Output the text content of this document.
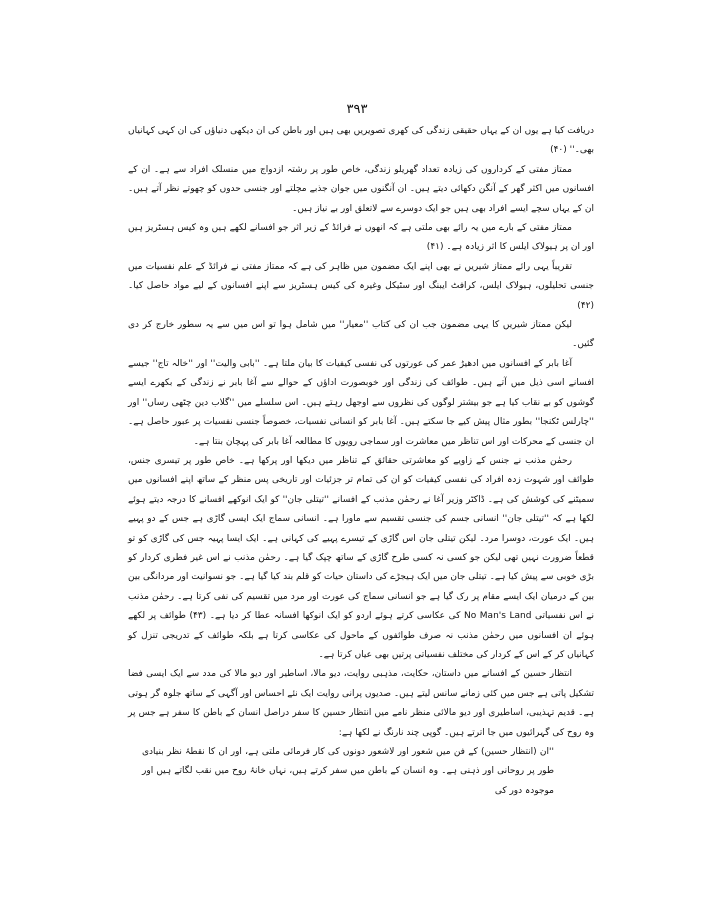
۳۹۳

دریافت کیا ہے یوں ان کے یہاں حقیقی زندگی کی کھری تصویریں بھی ہیں اور باطن کی ان دیکھی دنیاؤں کی ان کہی کہانیاں بھی۔'' (۴۰)

ممتاز مفتی کے کرداروں کی زیادہ تعداد گھریلو زندگی، خاص طور پر رشتہ ازدواج میں منسلک افراد سے ہے۔ ان کے افسانوں میں اکثر گھر کے آنگن دکھائی دیتے ہیں۔ ان آنگنوں میں جوان جذبے مچلتے اور جنسی حدوں کو چھوتے نظر آتے ہیں۔ ان کے یہاں سچے ایسے افراد بھی ہیں جو ایک دوسرے سے لاتعلق اور بے نیاز ہیں۔

ممتاز مفتی کے بارے میں یہ رائے بھی ملتی ہے کہ انھوں نے فرائڈ کے زیر اثر جو افسانے لکھے ہیں وہ کیس ہسٹریز ہیں اور ان پر ہیولاک ایلس کا اثر زیادہ ہے۔ (۴۱)

تقریباً یہی رائے ممتاز شیریں نے بھی اپنے ایک مضمون میں ظاہر کی ہے کہ ممتاز مفتی نے فرائڈ کے علم نفسیات میں جنسی تحلیلوں، ہیولاک ایلس، کرافٹ ایبنگ اور سٹیکل وغیرہ کی کیس ہسٹریز سے اپنے افسانوں کے لیے مواد حاصل کیا۔ (۴۲)

لیکن ممتاز شیریں کا یہی مضمون جب ان کی کتاب ''معیار'' میں شامل ہوا تو اس میں سے یہ سطور خارج کر دی گئیں۔

آغا بابر کے افسانوں میں ادھیڑ عمر کی عورتوں کی نفسی کیفیات کا بیان ملتا ہے۔ ''بابی والیت'' اور ''خالہ تاج'' جیسے افسانے اسی ذیل میں آتے ہیں۔ طوائف کی زندگی اور خوبصورت اداؤں کے حوالے سے آغا بابر نے زندگی کے بکھرے ایسے گوشوں کو بے نقاب کیا ہے جو بیشتر لوگوں کی نظروں سے اوجھل رہتے ہیں۔ اس سلسلے میں ''گلاب دین چٹھی رساں'' اور ''چارلس ٹکنجا'' بطور مثال پیش کیے جا سکتے ہیں۔ آغا بابر کو انسانی نفسیات، خصوصاً جنسی نفسیات پر عبور حاصل ہے۔ ان جنسی کے محرکات اور اس تناظر میں معاشرت اور سماجی رویوں کا مطالعہ آغا بابر کی پہچان بنتا ہے۔

رحمٰن مذنب نے جنس کے زاویے کو معاشرتی حقائق کے تناظر میں دیکھا اور پرکھا ہے۔ خاص طور پر تیسری جنس، طوائف اور شہوت زدہ افراد کی نفسی کیفیات کو ان کی تمام تر جزئیات اور تاریخی پس منظر کے ساتھ اپنے افسانوں میں سمیٹنے کی کوشش کی ہے۔ ڈاکٹر وزیر آغا نے رحمٰن مذنب کے افسانے ''تیتلی جان'' کو ایک انوکھے افسانے کا درجہ دیتے ہوئے لکھا ہے کہ ''تیتلی جان'' انسانی جسم کی جنسی تقسیم سے ماورا ہے۔ انسانی سماج ایک ایسی گاڑی ہے جس کے دو پہیے ہیں۔ ایک عورت، دوسرا مرد۔ لیکن تیتلی جان اس گاڑی کے تیسرے پہیے کی کہانی ہے۔ ایک ایسا پہیہ جس کی گاڑی کو تو قطعاً ضرورت نہیں تھی لیکن جو کسی نہ کسی طرح گاڑی کے ساتھ چپک گیا ہے۔ رحمٰن مذنب نے اس غیر فطری کردار کو بڑی خوبی سے پیش کیا ہے۔ تیتلی جان میں ایک ہیجڑے کی داستان حیات کو قلم بند کیا گیا ہے۔ جو نسوانیت اور مردانگی بین بین کے درمیان ایک ایسے مقام پر رک گیا ہے جو انسانی سماج کی عورت اور مرد میں تقسیم کی نفی کرتا ہے۔ رحمٰن مذنب نے اس نفسیاتی No Man's Land کی عکاسی کرتے ہوئے اردو کو ایک انوکھا افسانہ عطا کر دیا ہے۔ (۴۳) طوائف پر لکھے ہوئے ان افسانوں میں رحمٰن مذنب نہ صرف طوائفوں کے ماحول کی عکاسی کرتا ہے بلکہ طوائف کے تدریجی تنزل کو کہانیاں کر کے اس کے کردار کی مختلف نفسیاتی پرتیں بھی عیاں کرتا ہے۔

انتظار حسین کے افسانے میں داستان، حکایت، مذہبی روایت، دیو مالا، اساطیر اور دیو مالا کی مدد سے ایک ایسی فضا تشکیل پاتی ہے جس میں کئی زمانے سانس لیتے ہیں۔ صدیوں پرانی روایت ایک نئے احساس اور آگہی کے ساتھ جلوہ گر ہوتی ہے۔ قدیم تہذیبی، اساطیری اور دیو مالائی منظر نامے میں انتظار حسین کا سفر دراصل انسان کے باطن کا سفر ہے جس پر وہ روح کی گہرائیوں میں جا اترتے ہیں۔ گوپی چند نارنگ نے لکھا ہے:

''ان (انتظار حسین) کے فن میں شعور اور لاشعور دونوں کی کار فرمائی ملتی ہے، اور ان کا نقطۂ نظر بنیادی طور پر روحانی اور ذہنی ہے۔ وہ انسان کے باطن میں سفر کرتے ہیں، نہاں خانۂ روح میں نقب لگاتے ہیں اور موجودہ دور کی
